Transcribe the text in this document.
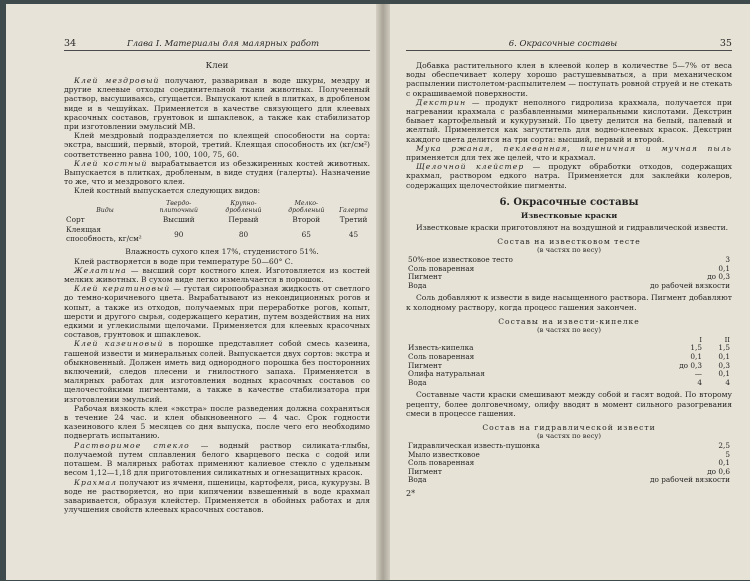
34	Глава I. Материалы для малярных работ
Клеи

Клей мездровый получают, разваривая в воде шкуры, мездру и другие клеевые отходы соединительной ткани животных. Полученный раствор, высушиваясь, сгущается. Выпускают клей в плитках, в дробленом виде и в чешуйках. Применяется в качестве связующего для клеевых красочных составов, грунтовок и шпаклевок, а также как стабилизатор при изготовлении эмульсий МВ.

Клей мездровый подразделяется по клеящей способности на сорта: экстра, высший, первый, второй, третий. Клеящая способность их (кг/см²) соответственно равна 100, 100, 100, 75, 60.

Клей костный вырабатывается из обезжиренных костей животных. Выпускается в плитках, дробленым, в виде студня (галерты). Назначение то же, что и мездрового клея.

Клей костный выпускается следующих видов:

Виды	Твердо-плиточный	Крупно-дробленый	Мелко-дробленый	Галерта
Сорт	Высший	Первый	Второй	Третий
Клеящая способность, кг/см²	90	80	65	45

Влажность сухого клея 17%, студенистого 51%.

Клей растворяется в воде при температуре 50—60° С.

Желатина — высший сорт костного клея. Изготовляется из костей мелких животных. В сухом виде легко измельчается в порошок.

Клей кератиновый — густая сиропообразная жидкость от светлого до темно-коричневого цвета. Вырабатывают из некондиционных рогов и копыт, а также из отходов, получаемых при переработке рогов, копыт, шерсти и другого сырья, содержащего кератин, путем воздействия на них едкими и углекислыми щелочами. Применяется для клеевых красочных составов, грунтовок и шпаклевок.

Клей казеиновый в порошке представляет собой смесь казеина, гашеной извести и минеральных солей. Выпускается двух сортов: экстра и обыкновенный. Должен иметь вид однородного порошка без посторонних включений, следов плесени и гнилостного запаха. Применяется в малярных работах для изготовления водных красочных составов со щелочестойкими пигментами, а также в качестве стабилизатора при изготовлении эмульсий.

Рабочая вязкость клея «экстра» после разведения должна сохраняться в течение 24 час. и клея обыкновенного — 4 час. Срок годности казеинового клея 5 месяцев со дня выпуска, после чего его необходимо подвергать испытанию.

Растворимое стекло — водный раствор силиката-глыбы, получаемой путем сплавления белого кварцевого песка с содой или поташем. В малярных работах применяют калиевое стекло с удельным весом 1,12—1,18 для приготовления силикатных и огнезащитных красок.

Крахмал получают из ячменя, пшеницы, картофеля, риса, кукурузы. В воде не растворяется, но при кипячении взвешенный в воде крахмал заваривается, образуя клейстер. Применяется в обойных работах и для улучшения свойств клеевых красочных составов.

6. Окрасочные составы	35

Добавка растительного клея в клеевой колер в количестве 5—7% от веса воды обеспечивает колеру хорошо растушевываться, а при механическом распылении пистолетом-распылителем — поступать ровной струей и не стекать с окрашиваемой поверхности.

Декстрин — продукт неполного гидролиза крахмала, получается при нагревании крахмала с разбавленными минеральными кислотами. Декстрин бывает картофельный и кукурузный. По цвету делится на белый, палевый и желтый. Применяется как загуститель для водно-клеевых красок. Декстрин каждого цвета делится на три сорта: высший, первый и второй.

Мука ржаная, пеклеванная, пшеничная и мучная пыль применяется для тех же целей, что и крахмал.

Щелочной клейстер — продукт обработки отходов, содержащих крахмал, раствором едкого натра. Применяется для заклейки колеров, содержащих щелочестойкие пигменты.

6. Окрасочные составы
Известковые краски

Известковые краски приготовляют на воздушной и гидравлической извести.

Состав на известковом тесте
(в частях по весу)
50%-ное известковое тесто	3
Соль поваренная	0,1
Пигмент	до 0,3
Вода	до рабочей вязкости

Соль добавляют к извести в виде насыщенного раствора. Пигмент добавляют к холодному раствору, когда процесс гашения закончен.

Составы на извести-кипелке
(в частях по весу)
	I	II
Известь-кипелка	1,5	1,5
Соль поваренная	0,1	0,1
Пигмент	до 0,3	0,3
Олифа натуральная	—	0,1
Вода	4	4

Составные части краски смешивают между собой и гасят водой. По второму рецепту, более долговечному, олифу вводят в момент сильного разогревания смеси в процессе гашения.

Состав на гидравлической извести
(в частях по весу)
Гидравлическая известь-пушонка	2,5
Мыло известковое	5
Соль поваренная	0,1
Пигмент	до 0,6
Вода	до рабочей вязкости
2*
